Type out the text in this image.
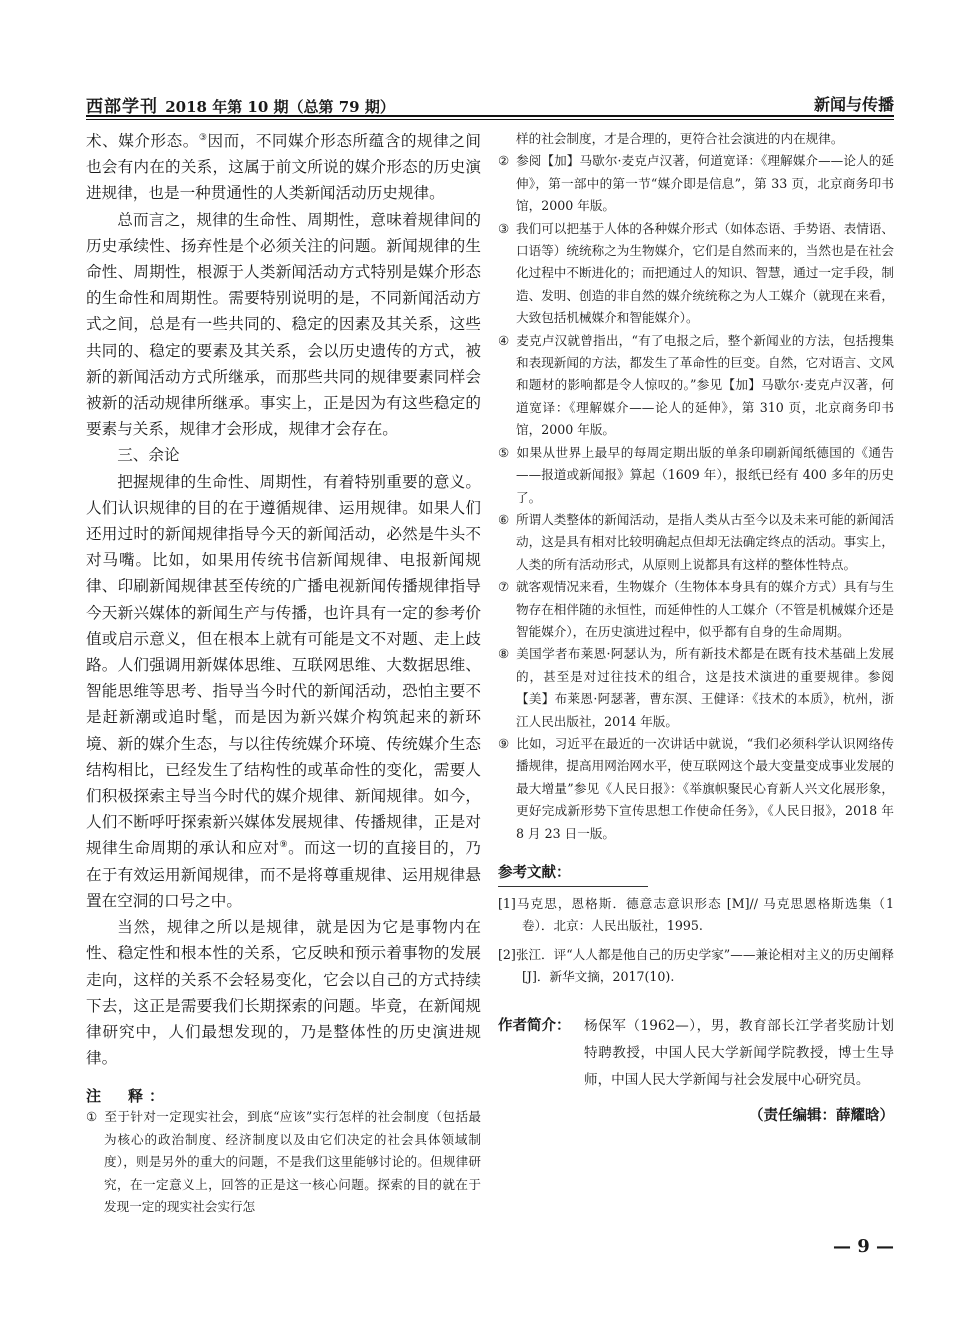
西部学刊 2018 年第 10 期（总第 79 期）	新闻与传播

术、媒介形态。③因而，不同媒介形态所蕴含的规律之间也会有内在的关系，这属于前文所说的媒介形态的历史演进规律，也是一种贯通性的人类新闻活动历史规律。

总而言之，规律的生命性、周期性，意味着规律间的历史承续性、扬弃性是个必须关注的问题。新闻规律的生命性、周期性，根源于人类新闻活动方式特别是媒介形态的生命性和周期性。需要特别说明的是，不同新闻活动方式之间，总是有一些共同的、稳定的因素及其关系，这些共同的、稳定的要素及其关系，会以历史遗传的方式，被新的新闻活动方式所继承，而那些共同的规律要素同样会被新的活动规律所继承。事实上，正是因为有这些稳定的要素与关系，规律才会形成，规律才会存在。

三、余论

把握规律的生命性、周期性，有着特别重要的意义。人们认识规律的目的在于遵循规律、运用规律。如果人们还用过时的新闻规律指导今天的新闻活动，必然是牛头不对马嘴。比如，如果用传统书信新闻规律、电报新闻规律、印刷新闻规律甚至传统的广播电视新闻传播规律指导今天新兴媒体的新闻生产与传播，也许具有一定的参考价值或启示意义，但在根本上就有可能是文不对题、走上歧路。人们强调用新媒体思维、互联网思维、大数据思维、智能思维等思考、指导当今时代的新闻活动，恐怕主要不是赶新潮或追时髦，而是因为新兴媒介构筑起来的新环境、新的媒介生态，与以往传统媒介环境、传统媒介生态结构相比，已经发生了结构性的或革命性的变化，需要人们积极探索主导当今时代的媒介规律、新闻规律。如今，人们不断呼吁探索新兴媒体发展规律、传播规律，正是对规律生命周期的承认和应对⑨。而这一切的直接目的，乃在于有效运用新闻规律，而不是将尊重规律、运用规律悬置在空洞的口号之中。

当然，规律之所以是规律，就是因为它是事物内在性、稳定性和根本性的关系，它反映和预示着事物的发展走向，这样的关系不会轻易变化，它会以自己的方式持续下去，这正是需要我们长期探索的问题。毕竟，在新闻规律研究中，人们最想发现的，乃是整体性的历史演进规律。

注　释：

① 至于针对一定现实社会，到底“应该”实行怎样的社会制度（包括最为核心的政治制度、经济制度以及由它们决定的社会具体领域制度），则是另外的重大的问题，不是我们这里能够讨论的。但规律研究，在一定意义上，回答的正是这一核心问题。探索的目的就在于发现一定的现实社会实行怎

样的社会制度，才是合理的，更符合社会演进的内在规律。

② 参阅【加】马歇尔·麦克卢汉著，何道宽译：《理解媒介——论人的延伸》，第一部中的第一节“媒介即是信息”，第 33 页，北京商务印书馆，2000 年版。

③ 我们可以把基于人体的各种媒介形式（如体态语、手势语、表情语、口语等）统统称之为生物媒介，它们是自然而来的，当然也是在社会化过程中不断进化的；而把通过人的知识、智慧，通过一定手段，制造、发明、创造的非自然的媒介统统称之为人工媒介（就现在来看，大致包括机械媒介和智能媒介）。

④ 麦克卢汉就曾指出，“有了电报之后，整个新闻业的方法，包括搜集和表现新闻的方法，都发生了革命性的巨变。自然，它对语言、文风和题材的影响都是令人惊叹的。”参见【加】马歇尔·麦克卢汉著，何道宽译：《理解媒介——论人的延伸》，第 310 页，北京商务印书馆，2000 年版。

⑤ 如果从世界上最早的每周定期出版的单条印刷新闻纸德国的《通告——报道或新闻报》算起（1609 年），报纸已经有 400 多年的历史了。

⑥ 所谓人类整体的新闻活动，是指人类从古至今以及未来可能的新闻活动，这是具有相对比较明确起点但却无法确定终点的活动。事实上，人类的所有活动形式，从原则上说都具有这样的整体性特点。

⑦ 就客观情况来看，生物媒介（生物体本身具有的媒介方式）具有与生物存在相伴随的永恒性，而延伸性的人工媒介（不管是机械媒介还是智能媒介），在历史演进过程中，似乎都有自身的生命周期。

⑧ 美国学者布莱恩·阿瑟认为，所有新技术都是在既有技术基础上发展的，甚至是对过往技术的组合，这是技术演进的重要规律。参阅【美】布莱恩·阿瑟著，曹东溟、王健译：《技术的本质》，杭州，浙江人民出版社，2014 年版。

⑨ 比如，习近平在最近的一次讲话中就说，“我们必须科学认识网络传播规律，提高用网治网水平，使互联网这个最大变量变成事业发展的最大增量”参见《人民日报》：《举旗帜聚民心育新人兴文化展形象，更好完成新形势下宣传思想工作使命任务》，《人民日报》，2018 年 8 月 23 日一版。

参考文献：

[1]马克思，恩格斯．德意志意识形态 [M]// 马克思恩格斯选集（1 卷）．北京：人民出版社，1995.

[2]张江．评“人人都是他自己的历史学家”——兼论相对主义的历史阐释 [J]．新华文摘，2017(10).

作者简介： 杨保军（1962—），男，教育部长江学者奖励计划特聘教授，中国人民大学新闻学院教授，博士生导师，中国人民大学新闻与社会发展中心研究员。
（责任编辑：薛耀晗）
— 9 —
